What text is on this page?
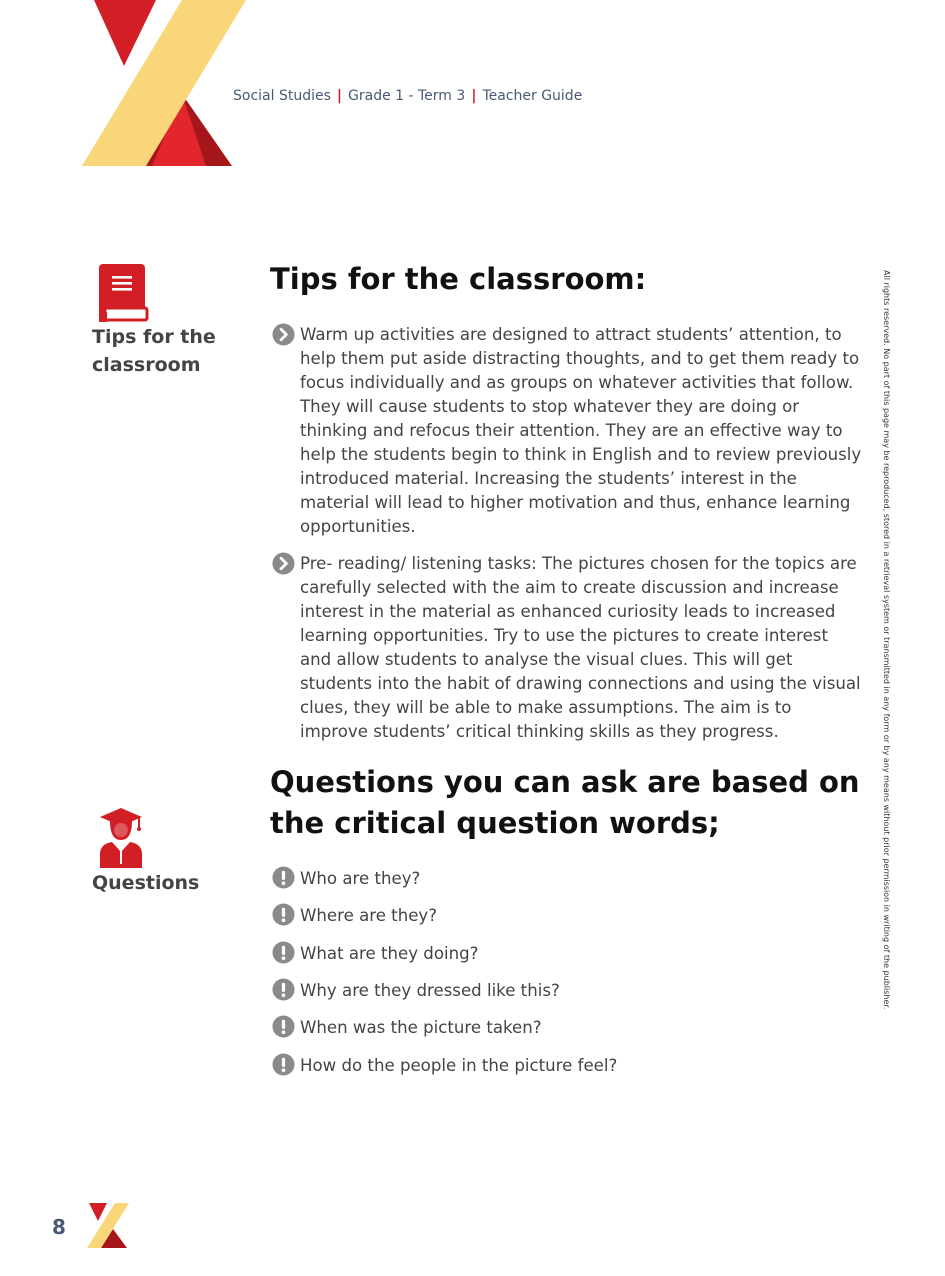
Social Studies | Grade 1 - Term 3 | Teacher Guide
Tips for the
classroom
Tips for the classroom:
Warm up activities are designed to attract students’ attention, to help them put aside distracting thoughts, and to get them ready to focus individually and as groups on whatever activities that follow. They will cause students to stop whatever they are doing or thinking and refocus their attention. They are an effective way to help the students begin to think in English and to review previously introduced material. Increasing the students’ interest in the material will lead to higher motivation and thus, enhance learning opportunities.
Pre- reading/ listening tasks: The pictures chosen for the topics are carefully selected with the aim to create discussion and increase interest in the material as enhanced curiosity leads to increased learning opportunities. Try to use the pictures to create interest and allow students to analyse the visual clues. This will get students into the habit of drawing connections and using the visual clues, they will be able to make assumptions. The aim is to improve students’ critical thinking skills as they progress.
Questions you can ask are based on
the critical question words;
Questions	Who are they?
Where are they?
What are they doing?
Why are they dressed like this?
When was the picture taken?
How do the people in the picture feel?
All rights reserved. No part of this page may be reproduced, stored in a retrieval system or transmitted in any form or by any means without prior permission in writing of the publisher.
8
